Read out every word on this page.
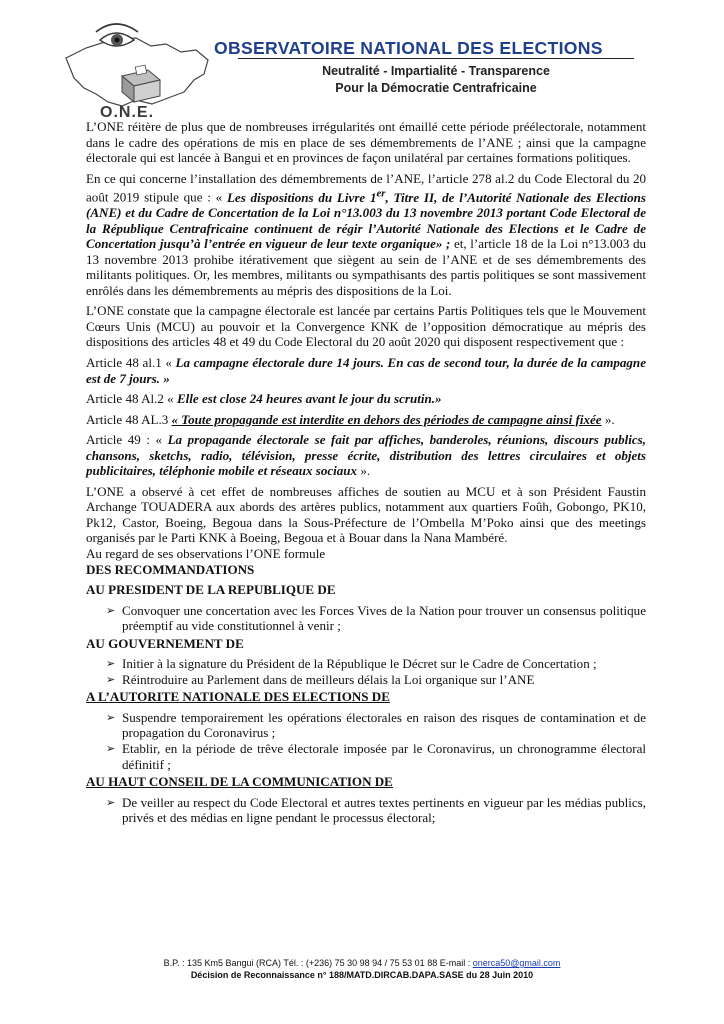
O.N.E.
OBSERVATOIRE NATIONAL DES ELECTIONS
Neutralité - Impartialité - Transparence
Pour la Démocratie Centrafricaine

L’ONE réitère de plus que de nombreuses irrégularités ont émaillé cette période préélectorale, notamment dans le cadre des opérations de mis en place de ses démembrements de l’ANE ; ainsi que la campagne électorale qui est lancée à Bangui et en provinces de façon unilatéral par certaines formations politiques.

En ce qui concerne l’installation des démembrements de l’ANE, l’article 278 al.2 du Code Electoral du 20 août 2019 stipule que : « Les dispositions du Livre 1er, Titre II, de l’Autorité Nationale des Elections (ANE) et du Cadre de Concertation de la Loi n°13.003 du 13 novembre 2013 portant Code Electoral de la République Centrafricaine continuent de régir l’Autorité Nationale des Elections et le Cadre de Concertation jusqu’à l’entrée en vigueur de leur texte organique» ; et, l’article 18 de la Loi n°13.003 du 13 novembre 2013 prohibe itérativement que siègent au sein de l’ANE et de ses démembrements des militants politiques. Or, les membres, militants ou sympathisants des partis politiques se sont massivement enrôlés dans les démembrements au mépris des dispositions de la Loi.

L’ONE constate que la campagne électorale est lancée par certains Partis Politiques tels que le Mouvement Cœurs Unis (MCU) au pouvoir et la Convergence KNK de l’opposition démocratique au mépris des dispositions des articles 48 et 49 du Code Electoral du 20 août 2020 qui disposent respectivement que :

Article 48 al.1 « La campagne électorale dure 14 jours. En cas de second tour, la durée de la campagne est de 7 jours. »

Article 48 Al.2 « Elle est close 24 heures avant le jour du scrutin.»

Article 48 AL.3 « Toute propagande est interdite en dehors des périodes de campagne ainsi fixée ».

Article 49 : « La propagande électorale se fait par affiches, banderoles, réunions, discours publics, chansons, sketchs, radio, télévision, presse écrite, distribution des lettres circulaires et objets publicitaires, téléphonie mobile et réseaux sociaux ».

L’ONE a observé à cet effet de nombreuses affiches de soutien au MCU et à son Président Faustin Archange TOUADERA aux abords des artères publics, notamment aux quartiers Foûh, Gobongo, PK10, Pk12, Castor, Boeing, Begoua dans la Sous-Préfecture de l’Ombella M’Poko ainsi que des meetings organisés par le Parti KNK à Boeing, Begoua et à Bouar dans la Nana Mambéré.

Au regard de ses observations l’ONE formule

DES RECOMMANDATIONS

AU PRESIDENT DE LA REPUBLIQUE DE

➢ Convoquer une concertation avec les Forces Vives de la Nation pour trouver un consensus politique préemptif au vide constitutionnel à venir ;

AU GOUVERNEMENT DE

➢ Initier à la signature du Président de la République le Décret sur le Cadre de Concertation ;
➢ Réintroduire au Parlement dans de meilleurs délais la Loi organique sur l’ANE

A L’AUTORITE NATIONALE DES ELECTIONS DE

➢ Suspendre temporairement les opérations électorales en raison des risques de contamination et de propagation du Coronavirus ;
➢ Etablir, en la période de trêve électorale imposée par le Coronavirus, un chronogramme électoral définitif ;

AU HAUT CONSEIL DE LA COMMUNICATION DE

➢ De veiller au respect du Code Electoral et autres textes pertinents en vigueur par les médias publics, privés et des médias en ligne pendant le processus électoral;

B.P. : 135 Km5 Bangui (RCA) Tél. : (+236) 75 30 98 94 / 75 53 01 88 E-mail : onerca50@gmail.com

Décision de Reconnaissance n° 188/MATD.DIRCAB.DAPA.SASE du 28 Juin 2010
